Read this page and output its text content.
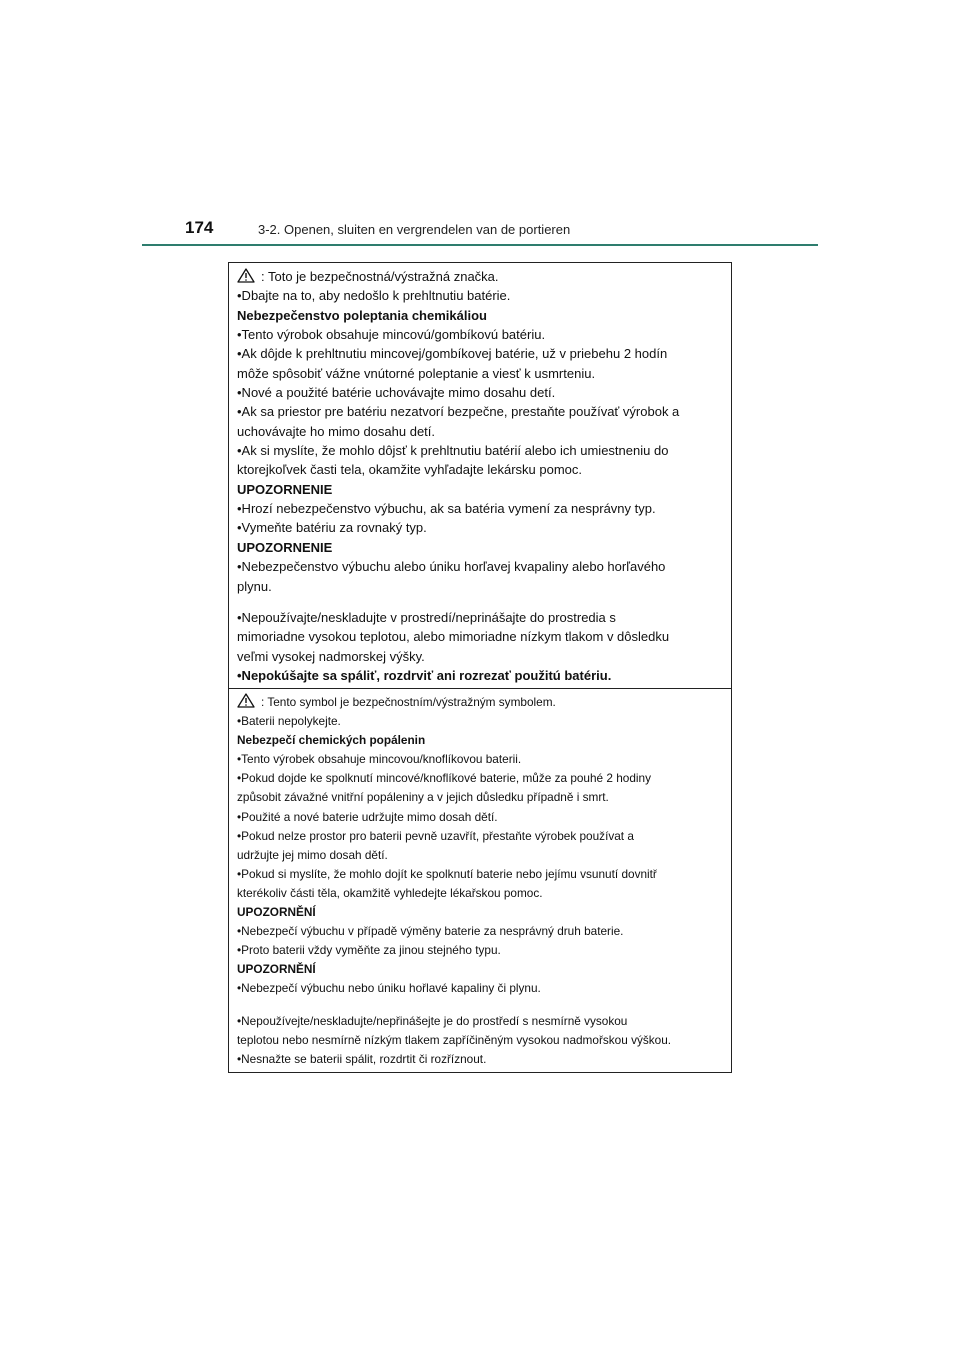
174	3-2. Openen, sluiten en vergrendelen van de portieren

: Toto je bezpečnostná/výstražná značka.

•Dbajte na to, aby nedošlo k prehltnutiu batérie.

Nebezpečenstvo poleptania chemikáliou

•Tento výrobok obsahuje mincovú/gombíkovú batériu.

•Ak dôjde k prehltnutiu mincovej/gombíkovej batérie, už v priebehu 2 hodín

môže spôsobiť vážne vnútorné poleptanie a viesť k usmrteniu.

•Nové a použité batérie uchovávajte mimo dosahu detí.

•Ak sa priestor pre batériu nezatvorí bezpečne, prestaňte používať výrobok a

uchovávajte ho mimo dosahu detí.

•Ak si myslíte, že mohlo dôjsť k prehltnutiu batérií alebo ich umiestneniu do

ktorejkoľvek časti tela, okamžite vyhľadajte lekársku pomoc.

UPOZORNENIE

•Hrozí nebezpečenstvo výbuchu, ak sa batéria vymení za nesprávny typ.

•Vymeňte batériu za rovnaký typ.

UPOZORNENIE

•Nebezpečenstvo výbuchu alebo úniku horľavej kvapaliny alebo horľavého

plynu.

•Nepoužívajte/neskladujte v prostredí/neprinášajte do prostredia s

mimoriadne vysokou teplotou, alebo mimoriadne nízkym tlakom v dôsledku

veľmi vysokej nadmorskej výšky.

•Nepokúšajte sa spáliť, rozdrviť ani rozrezať použitú batériu.

: Tento symbol je bezpečnostním/výstražným symbolem.

•Baterii nepolykejte.

Nebezpečí chemických popálenin

•Tento výrobek obsahuje mincovou/knoflíkovou baterii.

•Pokud dojde ke spolknutí mincové/knoflíkové baterie, může za pouhé 2 hodiny

způsobit závažné vnitřní popáleniny a v jejich důsledku případně i smrt.

•Použité a nové baterie udržujte mimo dosah dětí.

•Pokud nelze prostor pro baterii pevně uzavřít, přestaňte výrobek používat a

udržujte jej mimo dosah dětí.

•Pokud si myslíte, že mohlo dojít ke spolknutí baterie nebo jejímu vsunutí dovnitř

kterékoliv části těla, okamžitě vyhledejte lékařskou pomoc.

UPOZORNĚNÍ

•Nebezpečí výbuchu v případě výměny baterie za nesprávný druh baterie.

•Proto baterii vždy vyměňte za jinou stejného typu.

UPOZORNĚNÍ

•Nebezpečí výbuchu nebo úniku hořlavé kapaliny či plynu.

•Nepoužívejte/neskladujte/nepřinášejte je do prostředí s nesmírně vysokou

teplotou nebo nesmírně nízkým tlakem zapříčiněným vysokou nadmořskou výškou.

•Nesnažte se baterii spálit, rozdrtit či rozříznout.
